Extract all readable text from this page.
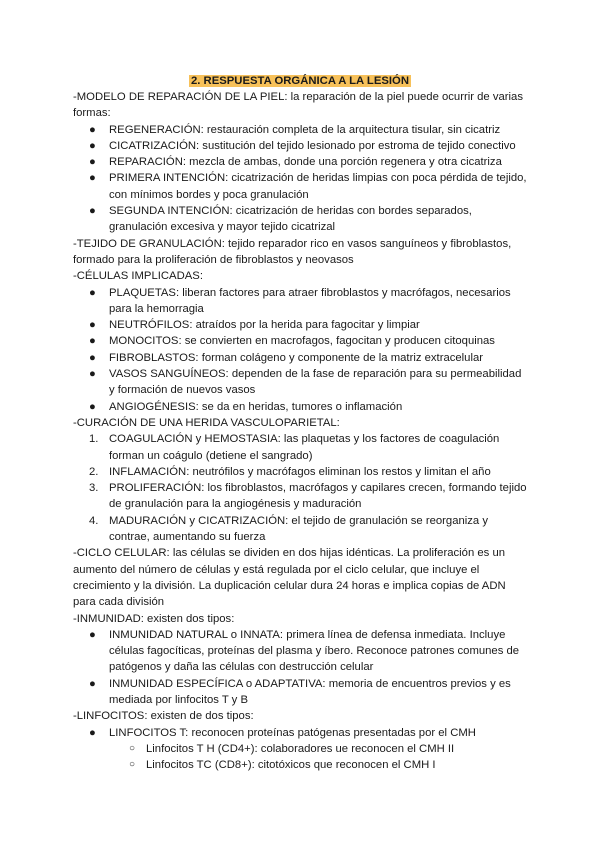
2. RESPUESTA ORGÁNICA A LA LESIÓN

-MODELO DE REPARACIÓN DE LA PIEL: la reparación de la piel puede ocurrir de varias formas:

● REGENERACIÓN: restauración completa de la arquitectura tisular, sin cicatriz
● CICATRIZACIÓN: sustitución del tejido lesionado por estroma de tejido conectivo
● REPARACIÓN: mezcla de ambas, donde una porción regenera y otra cicatriza
● PRIMERA INTENCIÓN: cicatrización de heridas limpias con poca pérdida de tejido, con mínimos bordes y poca granulación
● SEGUNDA INTENCIÓN: cicatrización de heridas con bordes separados, granulación excesiva y mayor tejido cicatrizal

-TEJIDO DE GRANULACIÓN: tejido reparador rico en vasos sanguíneos y fibroblastos, formado para la proliferación de fibroblastos y neovasos

-CÉLULAS IMPLICADAS:

● PLAQUETAS: liberan factores para atraer fibroblastos y macrófagos, necesarios para la hemorragia
● NEUTRÓFILOS: atraídos por la herida para fagocitar y limpiar
● MONOCITOS: se convierten en macrofagos, fagocitan y producen citoquinas
● FIBROBLASTOS: forman colágeno y componente de la matriz extracelular
● VASOS SANGUÍNEOS: dependen de la fase de reparación para su permeabilidad y formación de nuevos vasos
● ANGIOGÉNESIS: se da en heridas, tumores o inflamación

-CURACIÓN DE UNA HERIDA VASCULOPARIETAL:

1. COAGULACIÓN y HEMOSTASIA: las plaquetas y los factores de coagulación forman un coágulo (detiene el sangrado)
2. INFLAMACIÓN: neutrófilos y macrófagos eliminan los restos y limitan el año
3. PROLIFERACIÓN: los fibroblastos, macrófagos y capilares crecen, formando tejido de granulación para la angiogénesis y maduración
4. MADURACIÓN y CICATRIZACIÓN: el tejido de granulación se reorganiza y contrae, aumentando su fuerza

-CICLO CELULAR: las células se dividen en dos hijas idénticas. La proliferación es un aumento del número de células y está regulada por el ciclo celular, que incluye el crecimiento y la división. La duplicación celular dura 24 horas e implica copias de ADN para cada división

-INMUNIDAD: existen dos tipos:

● INMUNIDAD NATURAL o INNATA: primera línea de defensa inmediata. Incluye células fagocíticas, proteínas del plasma y íbero. Reconoce patrones comunes de patógenos y daña las células con destrucción celular
● INMUNIDAD ESPECÍFICA o ADAPTATIVA: memoria de encuentros previos y es mediada por linfocitos T y B

-LINFOCITOS: existen de dos tipos:

● LINFOCITOS T: reconocen proteínas patógenas presentadas por el CMH
○ Linfocitos T H (CD4+): colaboradores ue reconocen el CMH II
○ Linfocitos TC (CD8+): citotóxicos que reconocen el CMH I
